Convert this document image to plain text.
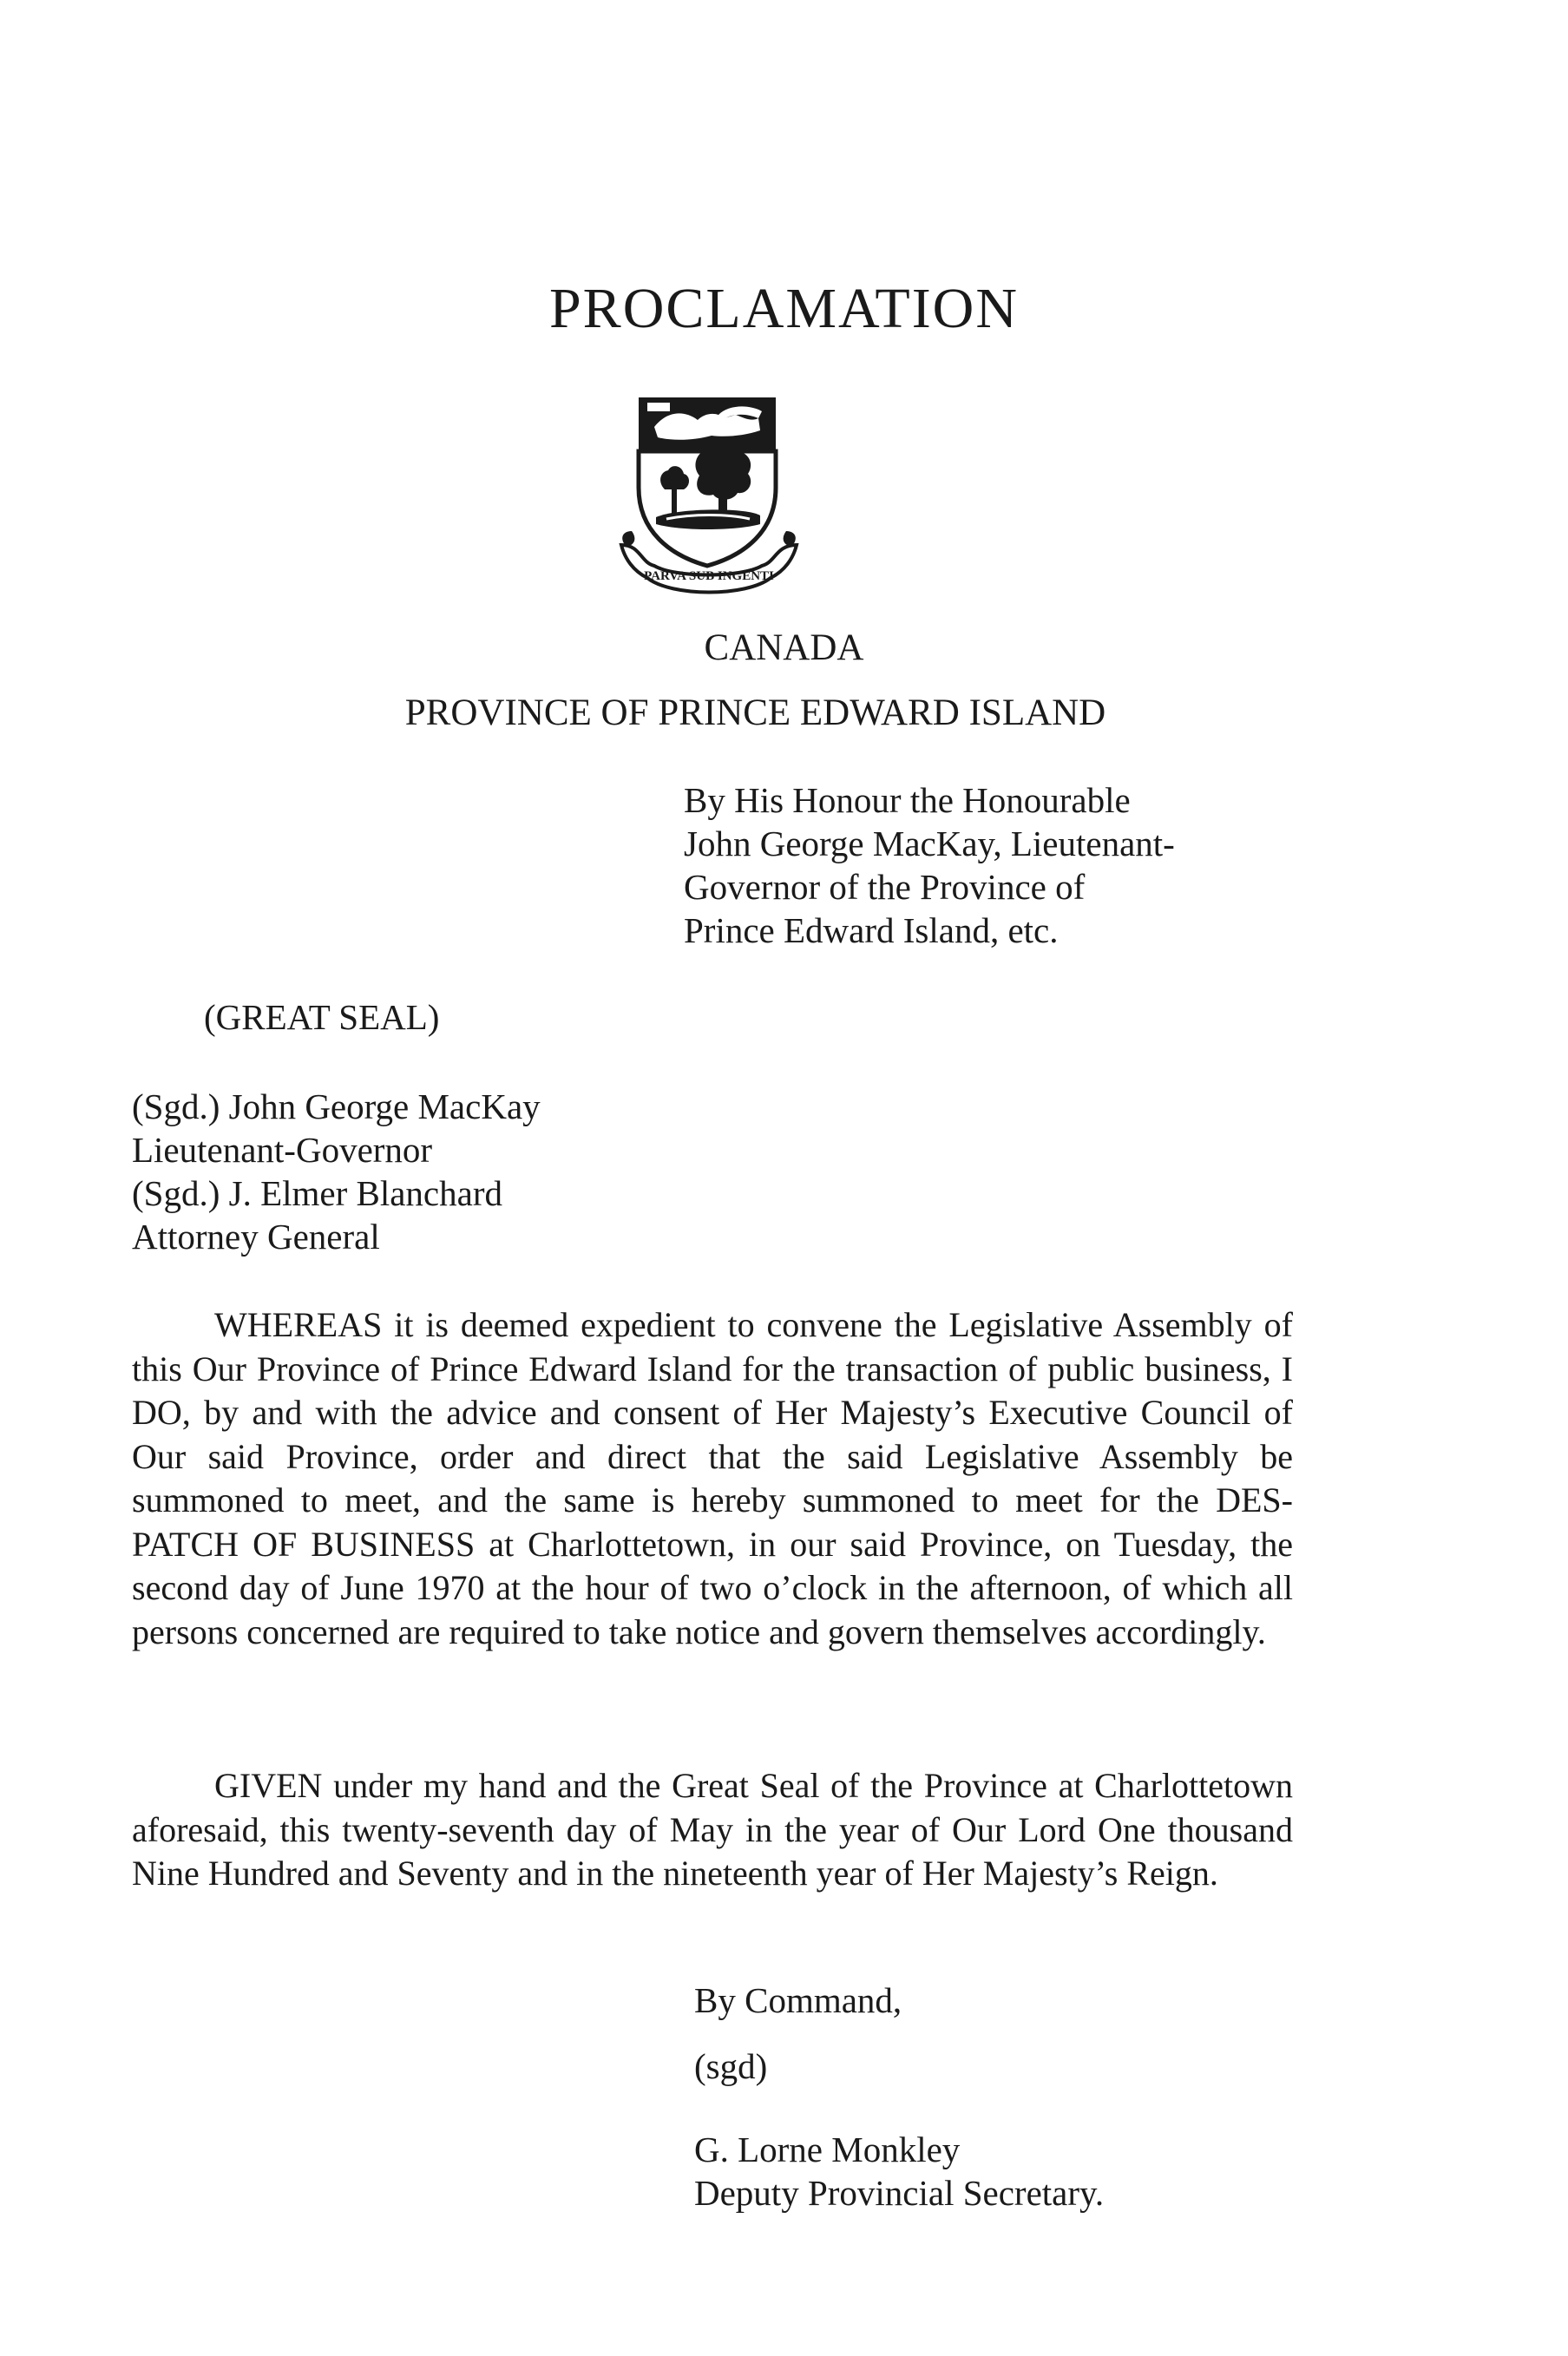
PROCLAMATION
PARVA SUB INGENTI

CANADA

PROVINCE OF PRINCE EDWARD ISLAND

By His Honour the Honourable
John George MacKay, Lieutenant-
Governor of the Province of
Prince Edward Island, etc.

(GREAT SEAL)

(Sgd.) John George MacKay
Lieutenant-Governor
(Sgd.) J. Elmer Blanchard
Attorney General

WHEREAS it is deemed expedient to convene the Legislative Assembly of this Our Province of Prince Edward Island for the transaction of public business, I DO, by and with the advice and consent of Her Majesty’s Executive Council of Our said Province, order and direct that the said Legislative Assembly be summoned to meet, and the same is hereby summoned to meet for the DES-PATCH OF BUSINESS at Charlottetown, in our said Province, on Tuesday, the second day of June 1970 at the hour of two o’clock in the afternoon, of which all persons concerned are required to take notice and govern themselves accordingly.

GIVEN under my hand and the Great Seal of the Province at Charlottetown aforesaid, this twenty-seventh day of May in the year of Our Lord One thousand Nine Hundred and Seventy and in the nineteenth year of Her Majesty’s Reign.

By Command,

(sgd)

G. Lorne Monkley
Deputy Provincial Secretary.
